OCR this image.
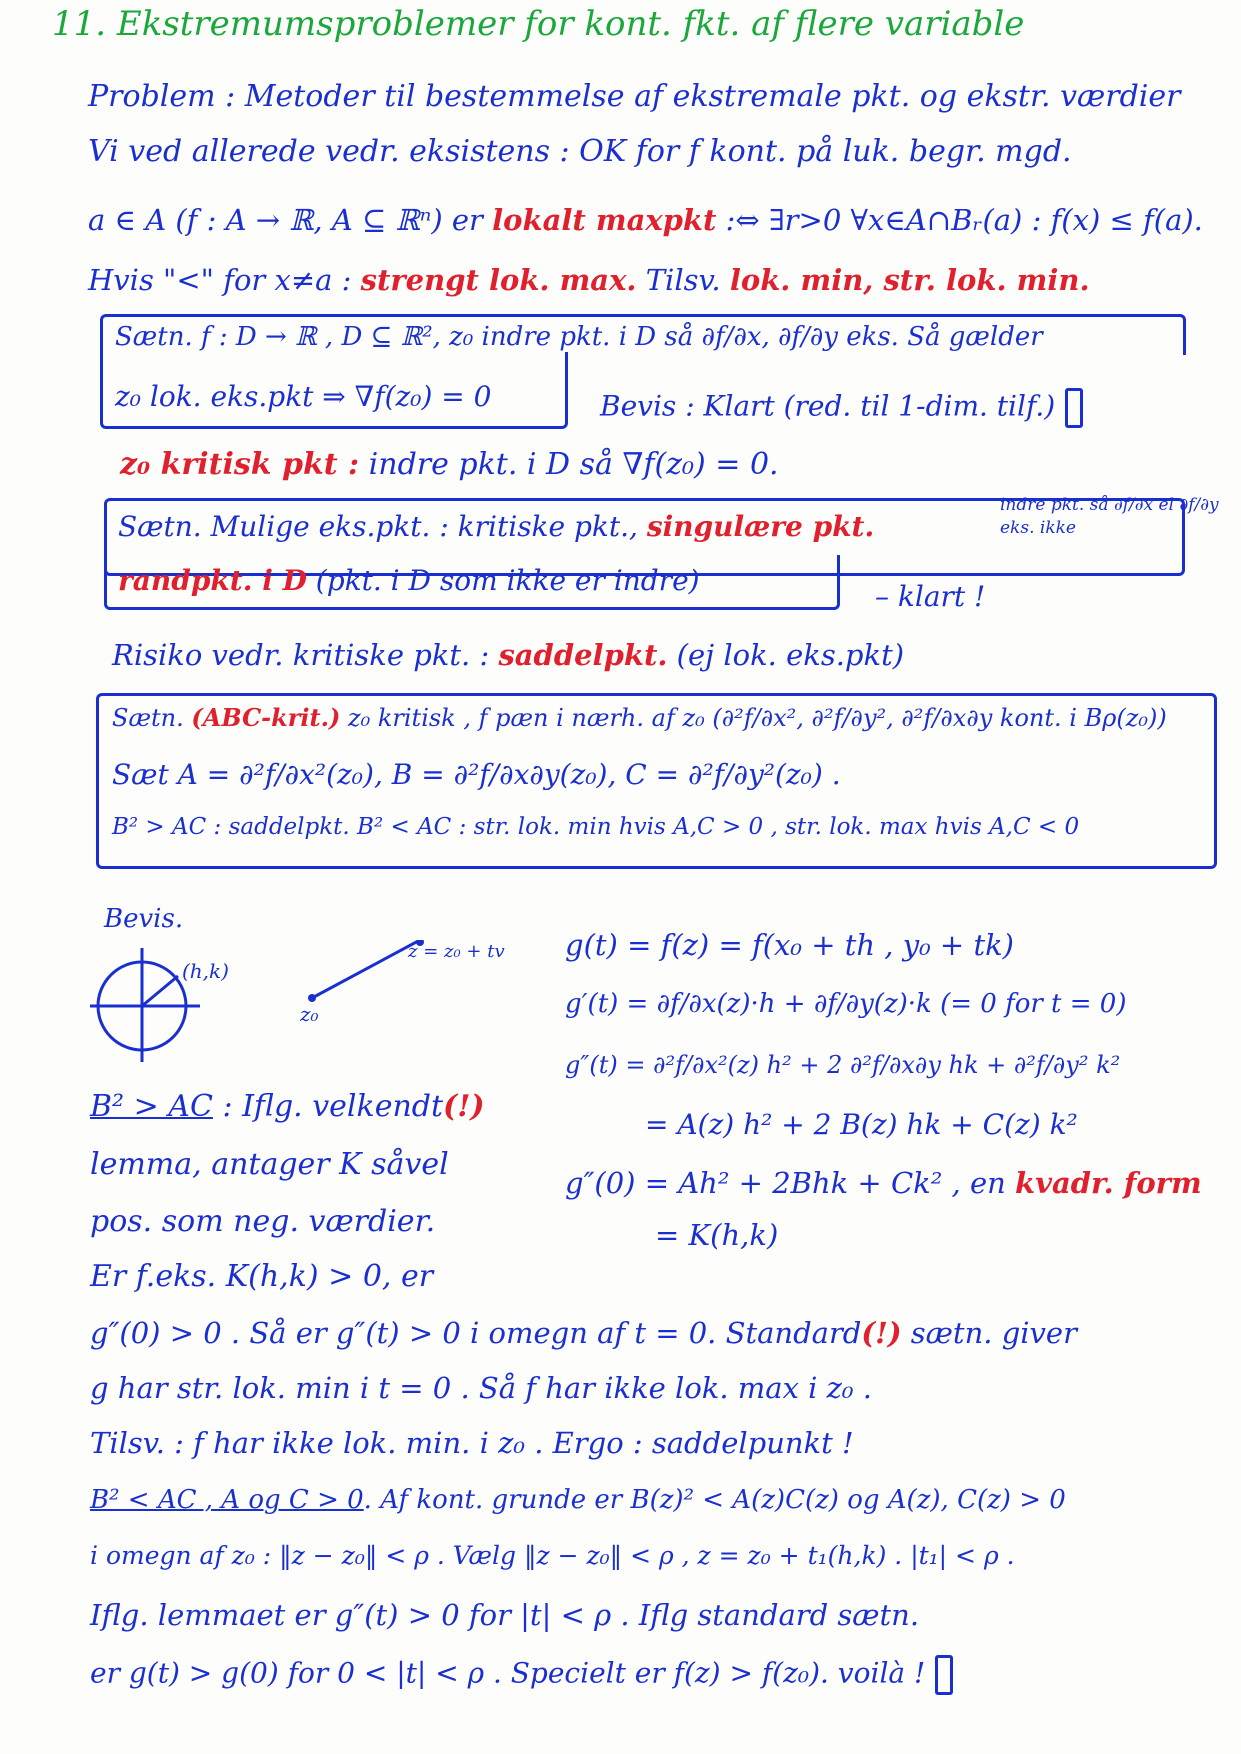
11. Ekstremumsproblemer for kont. fkt. af flere variable
Problem : Metoder til bestemmelse af ekstremale pkt. og ekstr. værdier
Vi ved allerede vedr. eksistens : OK for f kont. på luk. begr. mgd.
a ∈ A (f : A → ℝ, A ⊆ ℝⁿ) er lokalt maxpkt :⇔ ∃r>0 ∀x∈A∩Bᵣ(a) : f(x) ≤ f(a).
Hvis "<" for x≠a : strengt lok. max. Tilsv. lok. min, str. lok. min.
Sætn. f : D → ℝ , D ⊆ ℝ², z₀ indre pkt. i D så ∂f/∂x, ∂f/∂y eks. Så gælder
z₀ lok. eks.pkt ⇒ ∇f(z₀) = 0	Bevis : Klart (red. til 1-dim. tilf.)
z₀ kritisk pkt : indre pkt. i D så ∇f(z₀) = 0.
Sætn. Mulige eks.pkt. : kritiske pkt., singulære pkt.
indre pkt. så ∂f/∂x el ∂f/∂y eks. ikke
randpkt. i D (pkt. i D som ikke er indre)	– klart !
Risiko vedr. kritiske pkt. : saddelpkt. (ej lok. eks.pkt)
Sætn. (ABC-krit.) z₀ kritisk , f pæn i nærh. af z₀ (∂²f/∂x², ∂²f/∂y², ∂²f/∂x∂y kont. i Bρ(z₀))
Sæt A = ∂²f/∂x²(z₀), B = ∂²f/∂x∂y(z₀), C = ∂²f/∂y²(z₀) .
B² > AC : saddelpkt. B² < AC : str. lok. min hvis A,C > 0 , str. lok. max hvis A,C < 0
Bevis.
(h,k)
z = z₀ + tv
z₀
g(t) = f(z) = f(x₀ + th , y₀ + tk)
g′(t) = ∂f/∂x(z)·h + ∂f/∂y(z)·k (= 0 for t = 0)
g″(t) = ∂²f/∂x²(z) h² + 2 ∂²f/∂x∂y hk + ∂²f/∂y² k²
= A(z) h² + 2 B(z) hk + C(z) k²
g″(0) = Ah² + 2Bhk + Ck² , en kvadr. form
= K(h,k)
B² > AC : Iflg. velkendt(!)
lemma, antager K såvel
pos. som neg. værdier.
Er f.eks. K(h,k) > 0, er
g″(0) > 0 . Så er g″(t) > 0 i omegn af t = 0. Standard(!) sætn. giver
g har str. lok. min i t = 0 . Så f har ikke lok. max i z₀ .
Tilsv. : f har ikke lok. min. i z₀ . Ergo : saddelpunkt !
B² < AC , A og C > 0. Af kont. grunde er B(z)² < A(z)C(z) og A(z), C(z) > 0
i omegn af z₀ : ‖z − z₀‖ < ρ . Vælg ‖z − z₀‖ < ρ , z = z₀ + t₁(h,k) . |t₁| < ρ .
Iflg. lemmaet er g″(t) > 0 for |t| < ρ . Iflg standard sætn.
er g(t) > g(0) for 0 < |t| < ρ . Specielt er f(z) > f(z₀). voilà !
